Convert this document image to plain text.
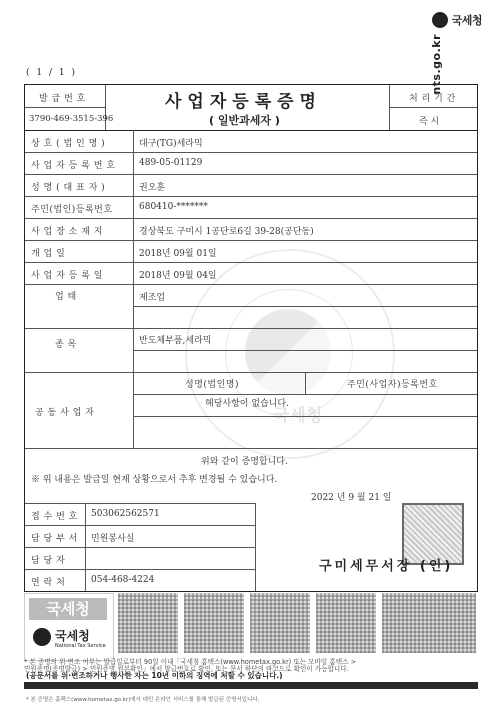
국세청
nts.go.kr
( 1 / 1 )
국세청
발 급 번 호
3790-469-3515-396
사업자등록증명
( 일반과세자 )
처 리 기 간
즉 시
상 호 ( 법 인 명 )	대구(TG)세라믹
사 업 자 등 록 번 호	489-05-01129
성 명 ( 대 표 자 )	권오훈
주민(법인)등록번호	680410-*******
사 업 장 소 재 지	경상북도 구미시 1공단로6길 39-28(공단동)
개 업 일	2018년 09월 01일
사 업 자 등 록 일	2018년 09월 04일
업 태	제조업
종 목	반도체부품,세라믹
공 동 사 업 자
성명(법인명)	주민(사업자)등록번호
해당사항이 없습니다.
위와 같이 증명합니다.
※ 위 내용은 발급일 현재 상황으로서 추후 변경될 수 있습니다.
2022 년 9 월 21 일
접 수 번 호 503062562571
담 당 부 서 민원봉사실
담 당 자
연 락 처	054-468-4224
구미세무서장 (인)
국세청
국세청
National Tax Service
* 본 증명의 위·변조 여부는 발급일로부터 90일 이내「국세청 홈택스(www.hometax.go.kr) 또는 모바일 홈택스 >
민원증명(증명발급) > 민원증명 원본확인」에서 발급번호로 확인, 또는 문서 하단의 바코드로 확인이 가능합니다.
(공문서를 위·변조하거나 행사한 자는 10년 이하의 징역에 처할 수 있습니다.)
* 본 증명은 홈택스(www.hometax.go.kr)에서 대민 온라인 서비스를 통해 발급된 증명서입니다.
